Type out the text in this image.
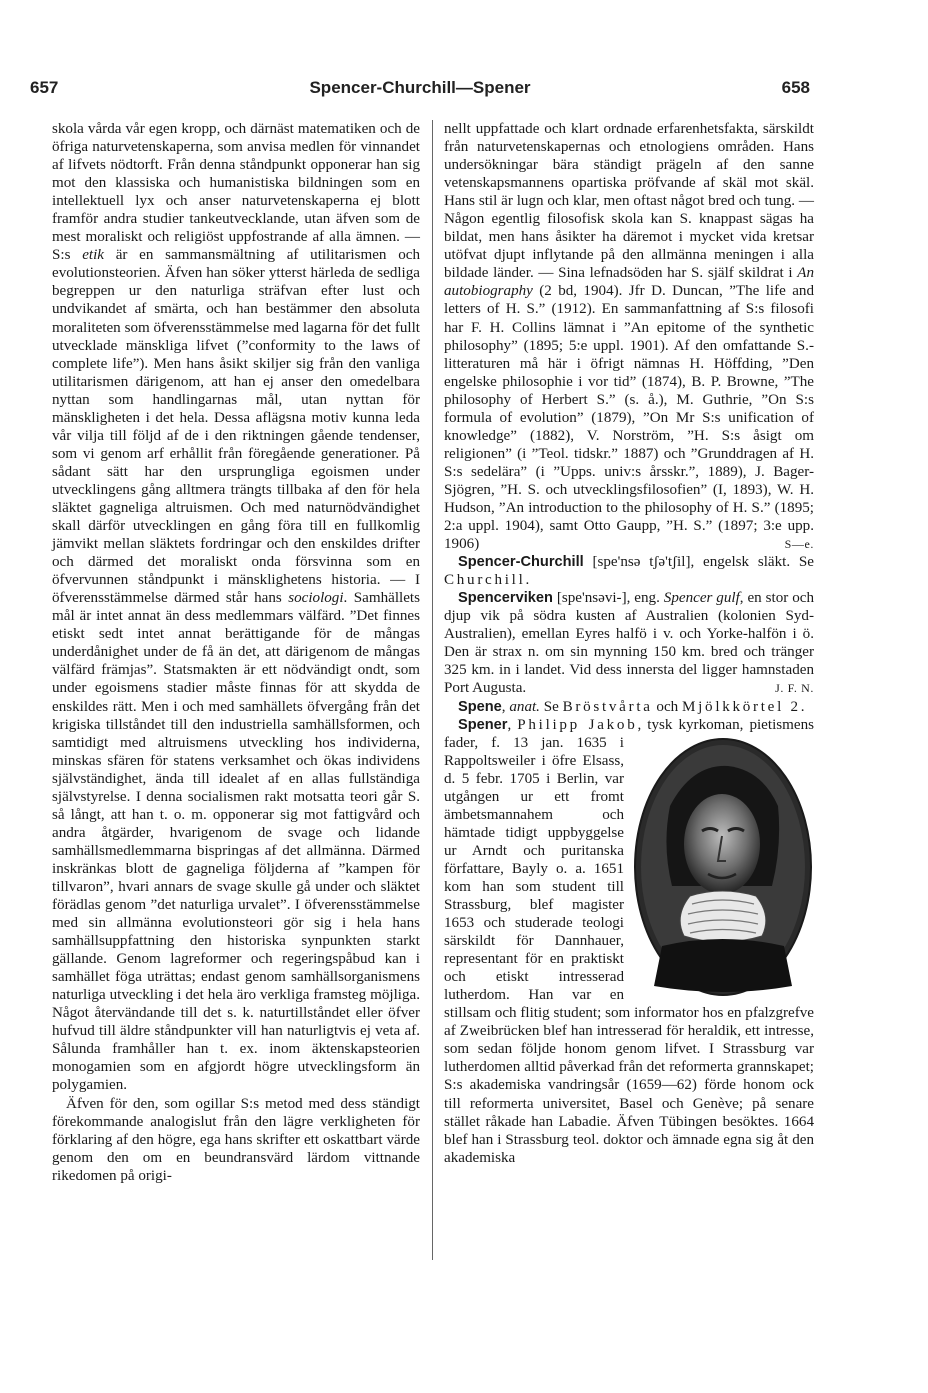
657	Spencer-Churchill—Spener	658

skola vårda vår egen kropp, och därnäst matematiken och de öfriga naturvetenskaperna, som anvisa medlen för vinnandet af lifvets nödtorft. Från denna ståndpunkt opponerar han sig mot den klassiska och humanistiska bildningen som en intellektuell lyx och anser naturvetenskaperna ej blott framför andra studier tankeutvecklande, utan äfven som de mest moraliskt och religiöst uppfostrande af alla ämnen. — S:s etik är en sammansmältning af utilitarismen och evolutionsteorien. Äfven han söker ytterst härleda de sedliga begreppen ur den naturliga sträfvan efter lust och undvikandet af smärta, och han bestämmer den absoluta moraliteten som öfverensstämmelse med lagarna för det fullt utvecklade mänskliga lifvet (”conformity to the laws of complete life”). Men hans åsikt skiljer sig från den vanliga utilitarismen därigenom, att han ej anser den omedelbara nyttan som handlingarnas mål, utan nyttan för mänskligheten i det hela. Dessa aflägsna motiv kunna leda vår vilja till följd af de i den riktningen gående tendenser, som vi genom arf erhållit från föregående generationer. På sådant sätt har den ursprungliga egoismen under utvecklingens gång alltmera trängts tillbaka af den för hela släktet gagneliga altruismen. Och med naturnödvändighet skall därför utvecklingen en gång föra till en fullkomlig jämvikt mellan släktets fordringar och den enskildes drifter och därmed det moraliskt onda försvinna som en öfvervunnen ståndpunkt i mänsklighetens historia. — I öfverensstämmelse därmed står hans sociologi. Samhällets mål är intet annat än dess medlemmars välfärd. ”Det finnes etiskt sedt intet annat berättigande för de mångas underdånighet under de få än det, att därigenom de mångas välfärd främjas”. Statsmakten är ett nödvändigt ondt, som under egoismens stadier måste finnas för att skydda de enskildes rätt. Men i och med samhällets öfvergång från det krigiska tillståndet till den industriella samhällsformen, och samtidigt med altruismens utveckling hos individerna, minskas sfären för statens verksamhet och ökas individens självständighet, ända till idealet af en allas fullständiga självstyrelse. I denna socialismen rakt motsatta teori går S. så långt, att han t. o. m. opponerar sig mot fattigvård och andra åtgärder, hvarigenom de svage och lidande samhällsmedlemmarna bispringas af det allmänna. Därmed inskränkas blott de gagneliga följderna af ”kampen för tillvaron”, hvari annars de svage skulle gå under och släktet förädlas genom ”det naturliga urvalet”. I öfverensstämmelse med sin allmänna evolutionsteori gör sig i hela hans samhällsuppfattning den historiska synpunkten starkt gällande. Genom lagreformer och regeringspåbud kan i samhället föga uträttas; endast genom samhällsorganismens naturliga utveckling i det hela äro verkliga framsteg möjliga. Något återvändande till det s. k. naturtillståndet eller öfver hufvud till äldre ståndpunkter vill han naturligtvis ej veta af. Sålunda framhåller han t. ex. inom äktenskapsteorien monogamien som en afgjordt högre utvecklingsform än polygamien.

Äfven för den, som ogillar S:s metod med dess ständigt förekommande analogislut från den lägre verkligheten för förklaring af den högre, ega hans skrifter ett oskattbart värde genom den om en beundransvärd lärdom vittnande rikedomen på origi-

nellt uppfattade och klart ordnade erfarenhetsfakta, särskildt från naturvetenskapernas och etnologiens områden. Hans undersökningar bära ständigt prägeln af den sanne vetenskapsmannens opartiska pröfvande af skäl mot skäl. Hans stil är lugn och klar, men oftast något bred och tung. — Någon egentlig filosofisk skola kan S. knappast sägas ha bildat, men hans åsikter ha däremot i mycket vida kretsar utöfvat djupt inflytande på den allmänna meningen i alla bildade länder. — Sina lefnadsöden har S. själf skildrat i An autobiography (2 bd, 1904). Jfr D. Duncan, ”The life and letters of H. S.” (1912). En sammanfattning af S:s filosofi har F. H. Collins lämnat i ”An epitome of the synthetic philosophy” (1895; 5:e uppl. 1901). Af den omfattande S.-litteraturen må här i öfrigt nämnas H. Höffding, ”Den engelske philosophie i vor tid” (1874), B. P. Browne, ”The philosophy of Herbert S.” (s. å.), M. Guthrie, ”On S:s formula of evolution” (1879), ”On Mr S:s unification of knowledge” (1882), V. Norström, ”H. S:s åsigt om religionen” (i ”Teol. tidskr.” 1887) och ”Grunddragen af H. S:s sedelära” (i ”Upps. univ:s årsskr.”, 1889), J. Bager-Sjögren, ”H. S. och utvecklingsfilosofien” (I, 1893), W. H. Hudson, ”An introduction to the philosophy of H. S.” (1895; 2:a uppl. 1904), samt Otto Gaupp, ”H. S.” (1897; 3:e upp. 1906)	S—e.

Spencer-Churchill [spe'nsə tʃə'tʃil], engelsk släkt. Se Churchill.

Spencerviken [spe'nsəvi-], eng. Spencer gulf, en stor och djup vik på södra kusten af Australien (kolonien Syd-Australien), emellan Eyres halfö i v. och Yorke-halfön i ö. Den är strax n. om sin mynning 150 km. bred och tränger 325 km. in i landet. Vid dess innersta del ligger hamnstaden Port Augusta.	J. F. N.

Spene, anat. Se Bröstvårta och Mjölkkörtel 2.

Spener, Philipp Jakob
, tysk kyrkoman, pietismens fader, f. 13 jan. 1635 i Rappoltsweiler i öfre Elsass, d. 5 febr. 1705 i Berlin, var utgången ur ett fromt ämbetsmannahem och hämtade tidigt uppbyggelse ur Arndt och puritanska författare, Bayly o. a. 1651 kom han som student till Strassburg, blef magister 1653 och studerade teologi särskildt för Dannhauer, representant för en praktiskt och etiskt intresserad lutherdom. Han var en stillsam och flitig student; som informator hos en pfalzgrefve af Zweibrücken blef han intresserad för heraldik, ett intresse, som sedan följde honom genom lifvet. I Strassburg var lutherdomen alltid påverkad från det reformerta grannskapet; S:s akademiska vandringsår (1659—62) förde honom ock till reformerta universitet, Basel och Genève; på senare stället råkade han Labadie. Äfven Tübingen besöktes. 1664 blef han i Strassburg teol. doktor och ämnade egna sig åt den akademiska
